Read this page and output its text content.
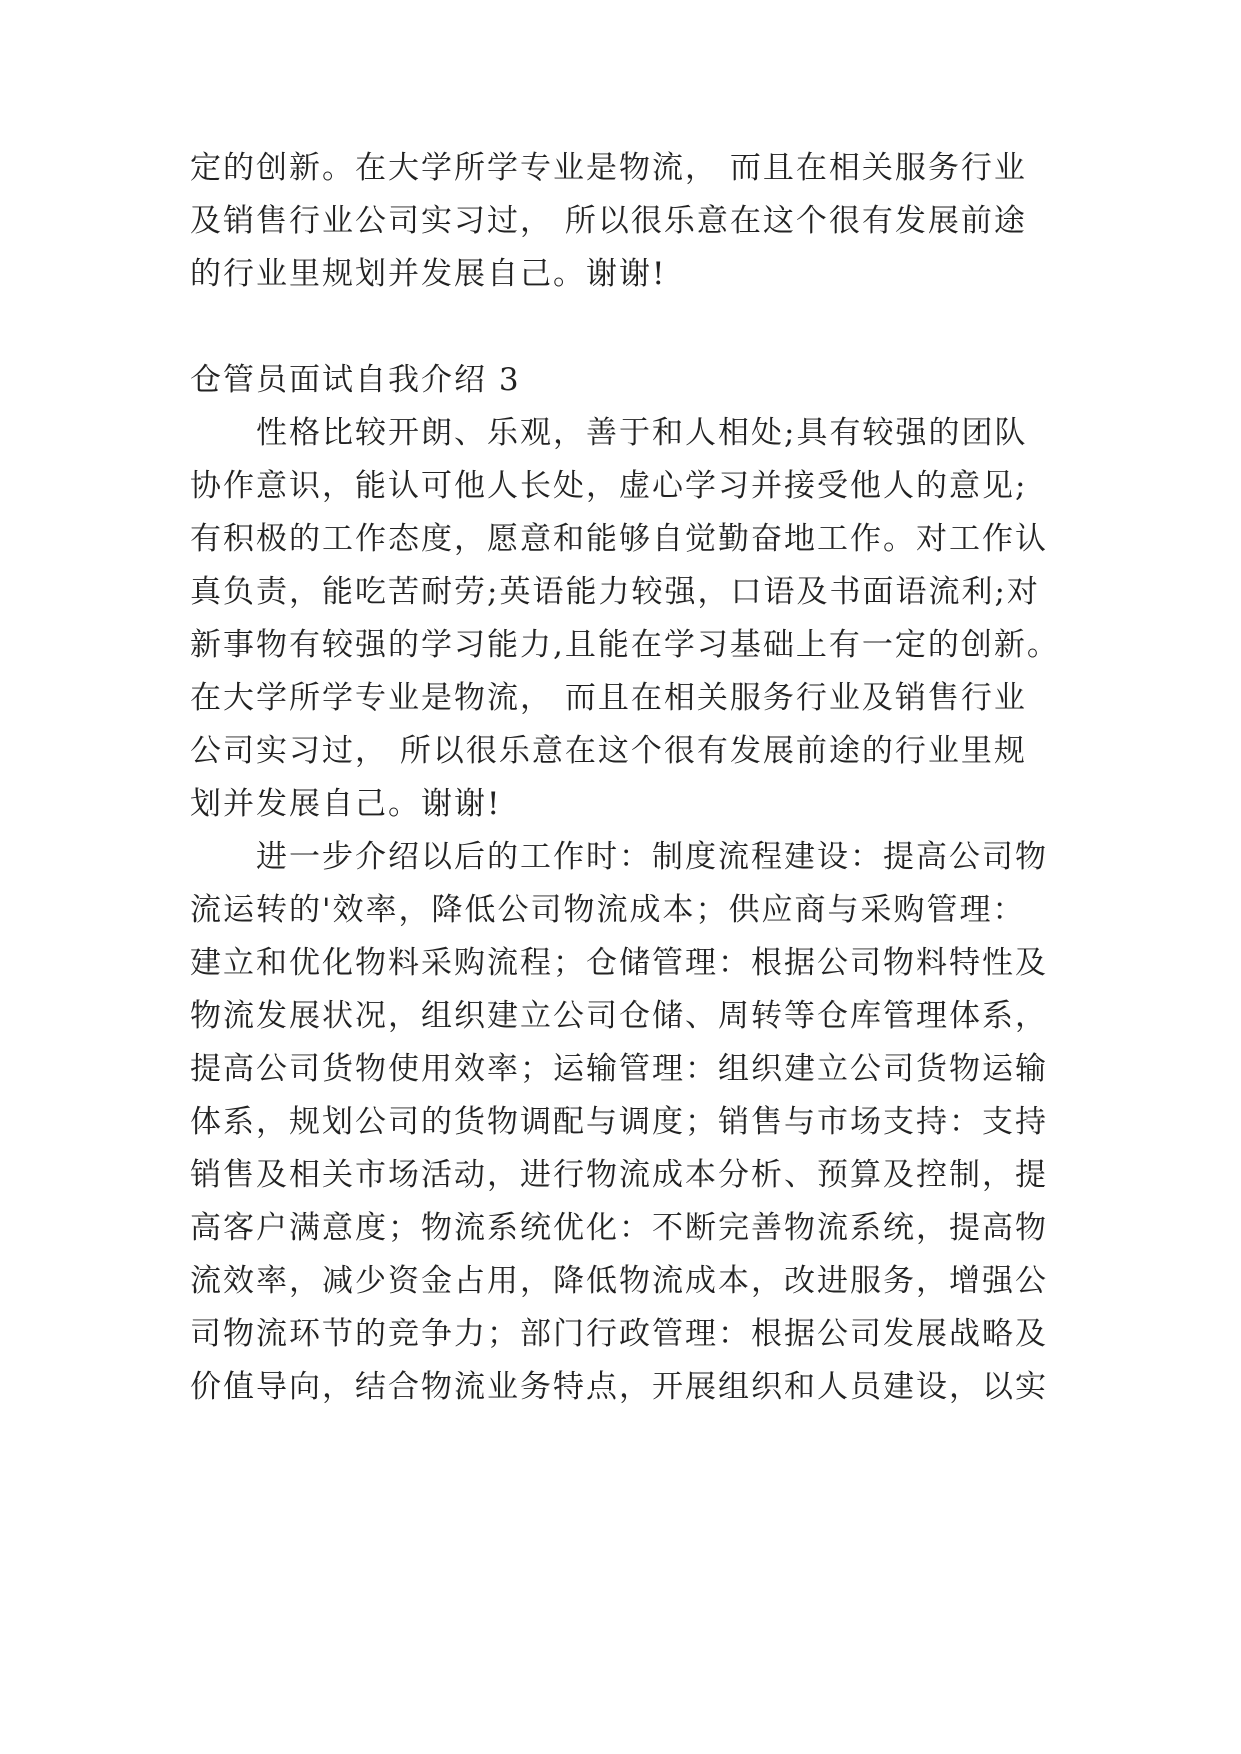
定的创新。在大学所学专业是物流， 而且在相关服务行业
及销售行业公司实习过， 所以很乐意在这个很有发展前途
的行业里规划并发展自己。谢谢!
仓管员面试自我介绍 3
性格比较开朗、乐观，善于和人相处;具有较强的团队
协作意识，能认可他人长处，虚心学习并接受他人的意见;
有积极的工作态度，愿意和能够自觉勤奋地工作。对工作认
真负责，能吃苦耐劳;英语能力较强，口语及书面语流利;对
新事物有较强的学习能力,且能在学习基础上有一定的创新。
在大学所学专业是物流， 而且在相关服务行业及销售行业
公司实习过， 所以很乐意在这个很有发展前途的行业里规
划并发展自己。谢谢!
进一步介绍以后的工作时：制度流程建设：提高公司物
流运转的'效率，降低公司物流成本；供应商与采购管理：
建立和优化物料采购流程；仓储管理：根据公司物料特性及
物流发展状况，组织建立公司仓储、周转等仓库管理体系，
提高公司货物使用效率；运输管理：组织建立公司货物运输
体系，规划公司的货物调配与调度；销售与市场支持：支持
销售及相关市场活动，进行物流成本分析、预算及控制，提
高客户满意度；物流系统优化：不断完善物流系统，提高物
流效率，减少资金占用，降低物流成本，改进服务，增强公
司物流环节的竞争力；部门行政管理：根据公司发展战略及
价值导向，结合物流业务特点，开展组织和人员建设，以实
